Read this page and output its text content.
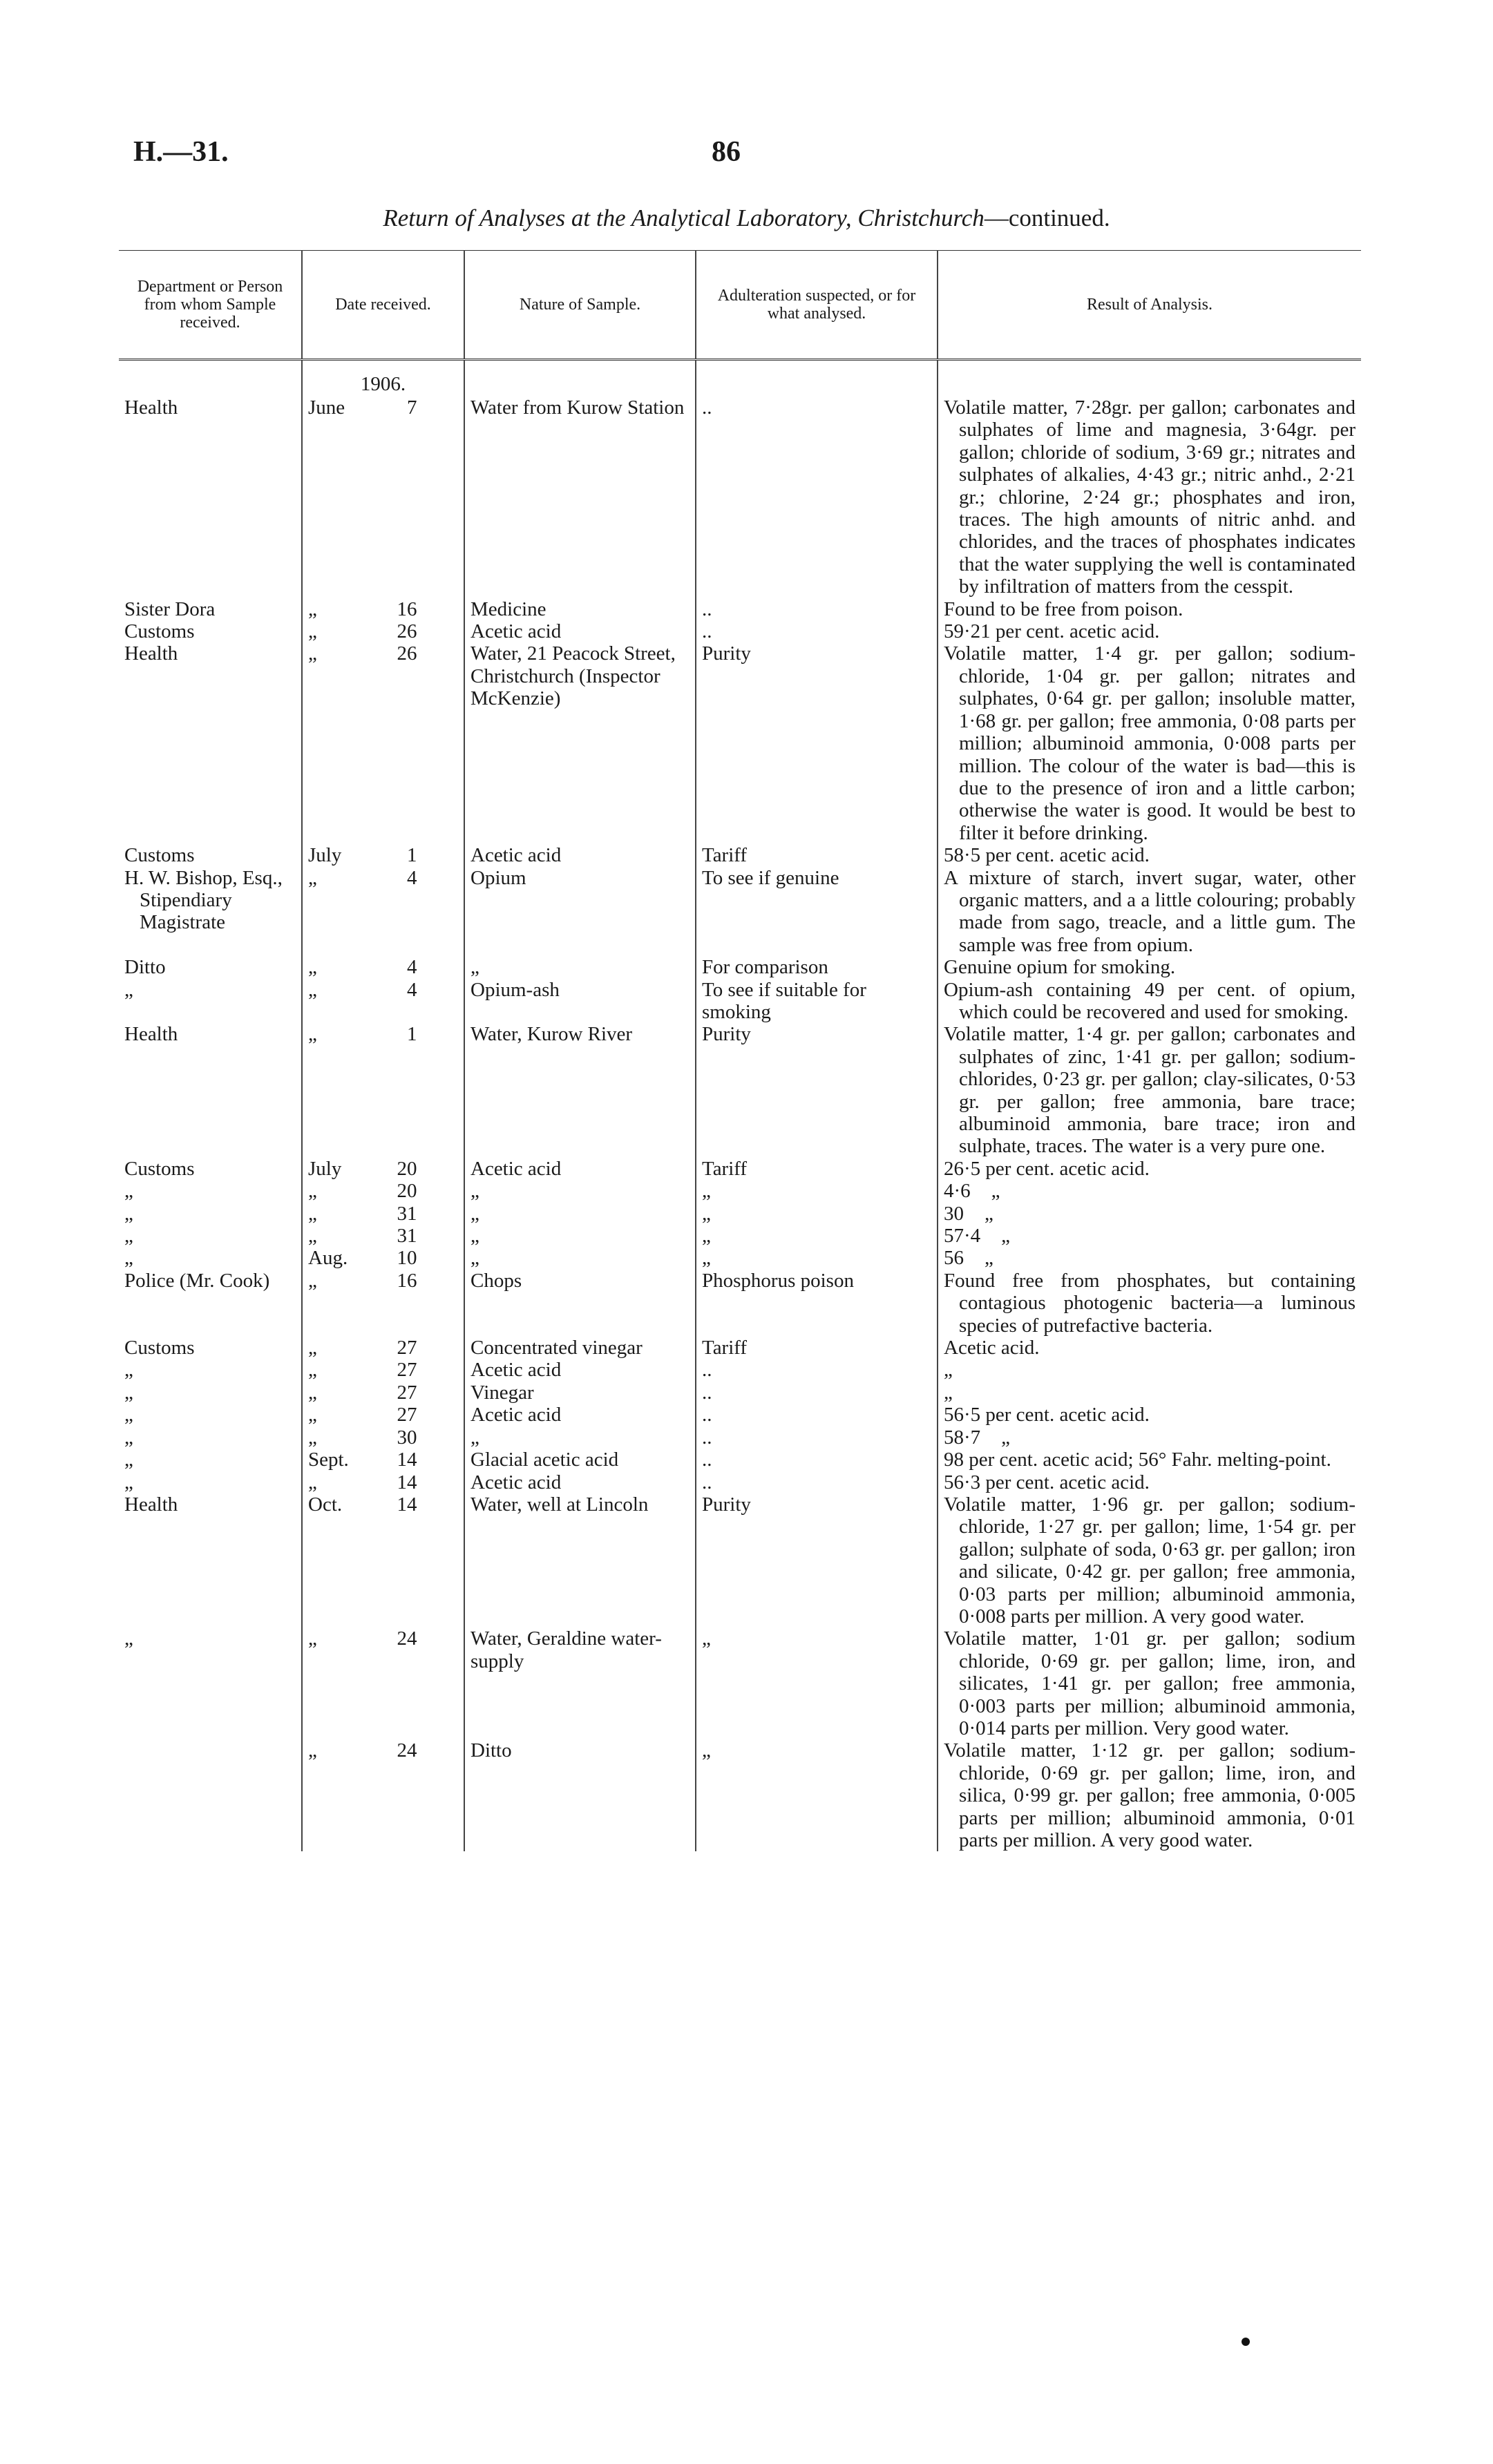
H.—31.	86
Return of Analyses at the Analytical Laboratory, Christchurch—continued.
Department or Person from whom Sample received.	Date received.	Nature of Sample.	Adulteration suspected, or for what analysed.	Result of Analysis.

	1906.			

Health	June 7	Water from Kurow Station	..	Volatile matter, 7·28gr. per gallon; carbonates and sulphates of lime and magnesia, 3·64gr. per gallon; chloride of sodium, 3·69 gr.; nitrates and sulphates of alkalies, 4·43 gr.; nitric anhd., 2·21 gr.; chlorine, 2·24 gr.; phosphates and iron, traces. The high amounts of nitric anhd. and chlorides, and the traces of phosphates indicates that the water supplying the well is contaminated by infiltration of matters from the cesspit.

Sister Dora	„ 16	Medicine	..	Found to be free from poison.

Customs	„ 26	Acetic acid	..	59·21 per cent. acetic acid.

Health	„ 26	Water, 21 Peacock Street, Christchurch (Inspector McKenzie)	Purity	Volatile matter, 1·4 gr. per gallon; sodium-chloride, 1·04 gr. per gallon; nitrates and sulphates, 0·64 gr. per gallon; insoluble matter, 1·68 gr. per gallon; free ammonia, 0·08 parts per million; albuminoid ammonia, 0·008 parts per million. The colour of the water is bad—this is due to the presence of iron and a little carbon; otherwise the water is good. It would be best to filter it before drinking.

Customs	July 1	Acetic acid	Tariff	58·5 per cent. acetic acid.

H. W. Bishop, Esq., Stipendiary Magistrate	„ 4	Opium	To see if genuine	A mixture of starch, invert sugar, water, other organic matters, and a a little colouring; probably made from sago, treacle, and a little gum. The sample was free from opium.

Ditto	„ 4	„	For comparison	Genuine opium for smoking.

„	„ 4	Opium-ash	To see if suitable for smoking	Opium-ash containing 49 per cent. of opium, which could be recovered and used for smoking.

Health	„ 1	Water, Kurow River	Purity	Volatile matter, 1·4 gr. per gallon; carbonates and sulphates of zinc, 1·41 gr. per gallon; sodium-chlorides, 0·23 gr. per gallon; clay-silicates, 0·53 gr. per gallon; free ammonia, bare trace; albuminoid ammonia, bare trace; iron and sulphate, traces. The water is a very pure one.

Customs	July 20	Acetic acid	Tariff	26·5 per cent. acetic acid.

„	„ 20	„	„	4·6 „

„	„ 31	„	„	30 „

„	„ 31	„	„	57·4 „

„	Aug. 10	„	„	56 „

Police (Mr. Cook)	„ 16	Chops	Phosphorus poison	Found free from phosphates, but containing contagious photogenic bacteria—a luminous species of putrefactive bacteria.

Customs	„ 27	Concentrated vinegar	Tariff	Acetic acid.

„	„ 27	Acetic acid	..	„

„	„ 27	Vinegar	..	„

„	„ 27	Acetic acid	..	56·5 per cent. acetic acid.

„	„ 30	„	..	58·7 „

„	Sept. 14	Glacial acetic acid	..	98 per cent. acetic acid; 56° Fahr. melting-point.

„	„ 14	Acetic acid	..	56·3 per cent. acetic acid.

Health	Oct. 14	Water, well at Lincoln	Purity	Volatile matter, 1·96 gr. per gallon; sodium-chloride, 1·27 gr. per gallon; lime, 1·54 gr. per gallon; sulphate of soda, 0·63 gr. per gallon; iron and silicate, 0·42 gr. per gallon; free ammonia, 0·03 parts per million; albuminoid ammonia, 0·008 parts per million. A very good water.

„	„ 24	Water, Geraldine water-supply	„	Volatile matter, 1·01 gr. per gallon; sodium chloride, 0·69 gr. per gallon; lime, iron, and silicates, 1·41 gr. per gallon; free ammonia, 0·003 parts per million; albuminoid ammonia, 0·014 parts per million. Very good water.

	„ 24	Ditto	„	Volatile matter, 1·12 gr. per gallon; sodium-chloride, 0·69 gr. per gallon; lime, iron, and silica, 0·99 gr. per gallon; free ammonia, 0·005 parts per million; albuminoid ammonia, 0·01 parts per million. A very good water.
